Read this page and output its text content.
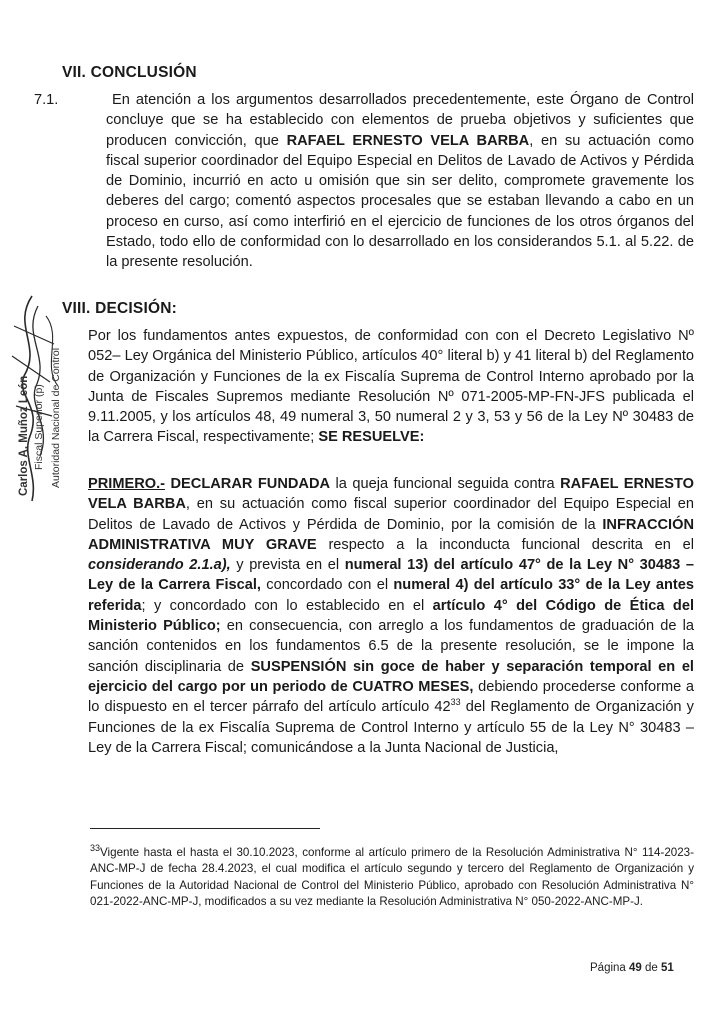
VII. CONCLUSIÓN
7.1.	En atención a los argumentos desarrollados precedentemente, este Órgano de Control concluye que se ha establecido con elementos de prueba objetivos y suficientes que producen convicción, que RAFAEL ERNESTO VELA BARBA, en su actuación como fiscal superior coordinador del Equipo Especial en Delitos de Lavado de Activos y Pérdida de Dominio, incurrió en acto u omisión que sin ser delito, compromete gravemente los deberes del cargo; comentó aspectos procesales que se estaban llevando a cabo en un proceso en curso, así como interfirió en el ejercicio de funciones de los otros órganos del Estado, todo ello de conformidad con lo desarrollado en los considerandos 5.1. al 5.22. de la presente resolución.
VIII. DECISIÓN:
Por los fundamentos antes expuestos, de conformidad con con el Decreto Legislativo Nº 052– Ley Orgánica del Ministerio Público, artículos 40° literal b) y 41 literal b) del Reglamento de Organización y Funciones de la ex Fiscalía Suprema de Control Interno aprobado por la Junta de Fiscales Supremos mediante Resolución Nº 071-2005-MP-FN-JFS publicada el 9.11.2005, y los artículos 48, 49 numeral 3, 50 numeral 2 y 3, 53 y 56 de la Ley Nº 30483 de la Carrera Fiscal, respectivamente; SE RESUELVE:
PRIMERO.- DECLARAR FUNDADA la queja funcional seguida contra RAFAEL ERNESTO VELA BARBA, en su actuación como fiscal superior coordinador del Equipo Especial en Delitos de Lavado de Activos y Pérdida de Dominio, por la comisión de la INFRACCIÓN ADMINISTRATIVA MUY GRAVE respecto a la inconducta funcional descrita en el considerando 2.1.a), y prevista en el numeral 13) del artículo 47° de la Ley N° 30483 – Ley de la Carrera Fiscal, concordado con el numeral 4) del artículo 33° de la Ley antes referida; y concordado con lo establecido en el artículo 4° del Código de Ética del Ministerio Público; en consecuencia, con arreglo a los fundamentos de graduación de la sanción contenidos en los fundamentos 6.5 de la presente resolución, se le impone la sanción disciplinaria de SUSPENSIÓN sin goce de haber y separación temporal en el ejercicio del cargo por un periodo de CUATRO MESES, debiendo procederse conforme a lo dispuesto en el tercer párrafo del artículo artículo $42^{33}$ del Reglamento de Organización y Funciones de la ex Fiscalía Suprema de Control Interno y artículo 55 de la Ley N° 30483 – Ley de la Carrera Fiscal; comunicándose a la Junta Nacional de Justicia,
$^{33}$Vigente hasta el hasta el 30.10.2023, conforme al artículo primero de la Resolución Administrativa N° 114-2023-ANC-MP-J de fecha 28.4.2023, el cual modifica el artículo segundo y tercero del Reglamento de Organización y Funciones de la Autoridad Nacional de Control del Ministerio Público, aprobado con Resolución Administrativa N° 021-2022-ANC-MP-J, modificados a su vez mediante la Resolución Administrativa N° 050-2022-ANC-MP-J.
Página 49 de 51
Carlos A. Muñoz León Fiscal Superior (p) Autoridad Nacional de Control
